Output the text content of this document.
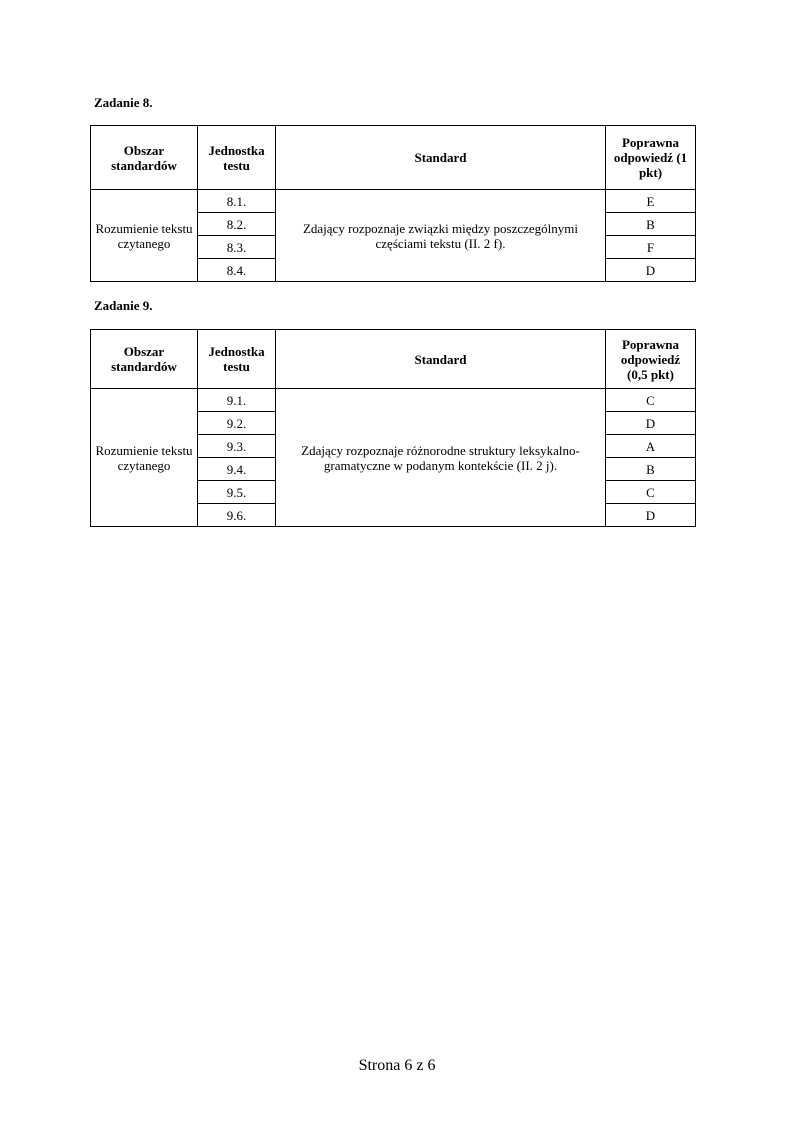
Zadanie 8.
Obszar standardów	Jednostka testu	Standard	Poprawna odpowiedź (1 pkt)
Rozumienie tekstu czytanego	8.1.	Zdający rozpoznaje związki między poszczególnymi częściami tekstu (II. 2 f).	E
	8.2.		B
	8.3.		F
	8.4.		D
Zadanie 9.
Obszar standardów	Jednostka testu	Standard	Poprawna odpowiedź (0,5 pkt)
Rozumienie tekstu czytanego	9.1.	Zdający rozpoznaje różnorodne struktury leksykalno-gramatyczne w podanym kontekście (II. 2 j).	C
	9.2.		D
	9.3.		A
	9.4.		B
	9.5.		C
	9.6.		D
Strona 6 z 6
